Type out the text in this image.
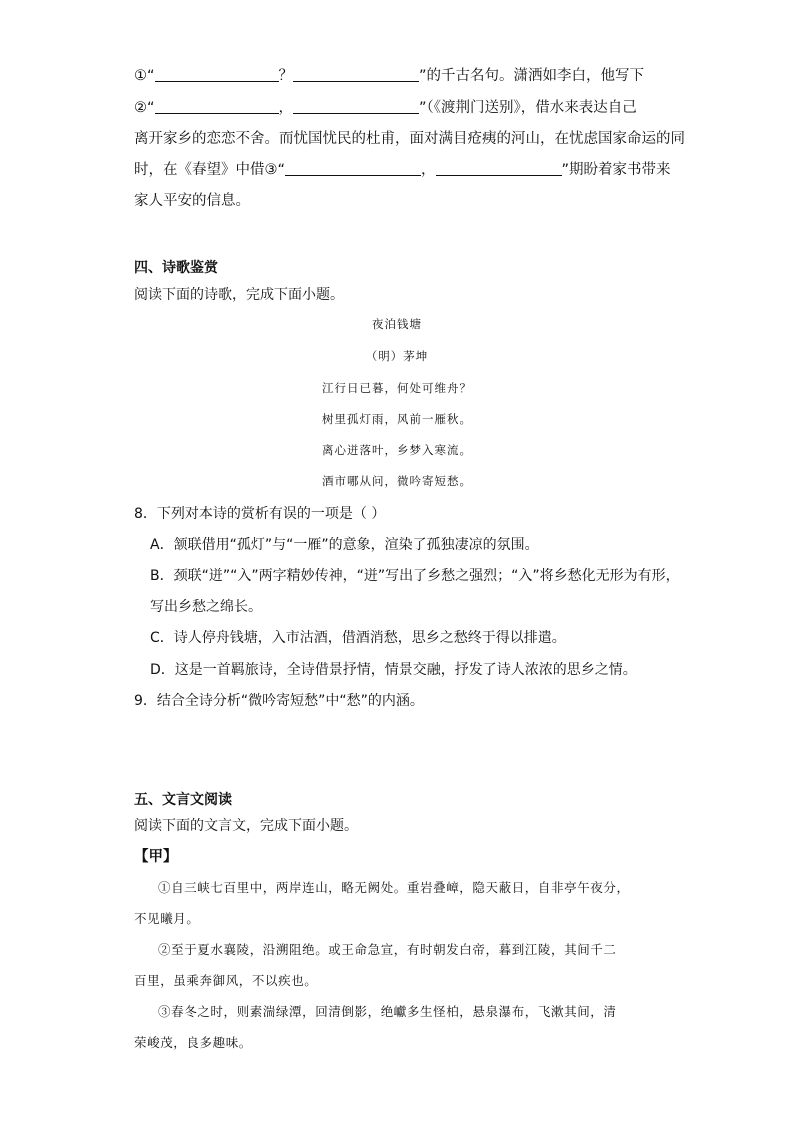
①“	？	”的千古名句。潇洒如李白，他写下
②“	，	”（《渡荆门送别》，借水来表达自己
离开家乡的恋恋不舍。而忧国忧民的杜甫，面对满目疮痍的河山，在忧虑国家命运的同
时，在《春望》中借③“	，	”期盼着家书带来
家人平安的信息。
四、诗歌鉴赏
阅读下面的诗歌，完成下面小题。
夜泊钱塘
（明）茅坤
江行日已暮，何处可维舟？
树里孤灯雨，风前一雁秋。
离心迸落叶，乡梦入寒流。
酒市哪从问，微吟寄短愁。
8．下列对本诗的赏析有误的一项是（ ）
A．颔联借用“孤灯”与“一雁”的意象，渲染了孤独凄凉的氛围。
B．颈联“迸”“入”两字精妙传神，“迸”写出了乡愁之强烈；“入”将乡愁化无形为有形，
写出乡愁之绵长。
C．诗人停舟钱塘，入市沽酒，借酒消愁，思乡之愁终于得以排遣。
D．这是一首羁旅诗，全诗借景抒情，情景交融，抒发了诗人浓浓的思乡之情。
9．结合全诗分析“微吟寄短愁”中“愁”的内涵。
五、文言文阅读
阅读下面的文言文，完成下面小题。
【甲】
①自三峡七百里中，两岸连山，略无阙处。重岩叠嶂，隐天蔽日，自非亭午夜分，
不见曦月。
②至于夏水襄陵，沿溯阻绝。或王命急宣，有时朝发白帝，暮到江陵，其间千二
百里，虽乘奔御风，不以疾也。
③春冬之时，则素湍绿潭，回清倒影，绝巘多生怪柏，悬泉瀑布，飞漱其间，清
荣峻茂，良多趣味。
